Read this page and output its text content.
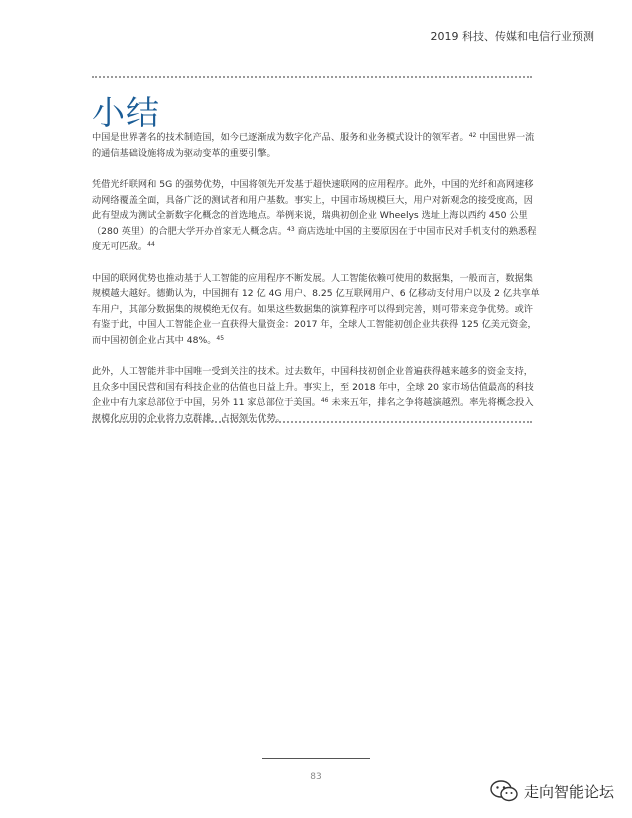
2019 科技、传媒和电信行业预测
小结

中国是世界著名的技术制造国，如今已逐渐成为数字化产品、服务和业务模式设计的领军者。$^{42}$ 中国世界一流的通信基础设施将成为驱动变革的重要引擎。

凭借光纤联网和 5G 的强势优势，中国将领先开发基于超快速联网的应用程序。此外，中国的光纤和高网速移动网络覆盖全面，具备广泛的测试者和用户基数。事实上，中国市场规模巨大，用户对新观念的接受度高，因此有望成为测试全新数字化概念的首选地点。举例来说，瑞典初创企业 Wheelys 选址上海以西约 450 公里（280 英里）的合肥大学开办首家无人概念店。$^{43}$ 商店选址中国的主要原因在于中国市民对手机支付的熟悉程度无可匹敌。$^{44}$

中国的联网优势也推动基于人工智能的应用程序不断发展。人工智能依赖可使用的数据集，一般而言，数据集规模越大越好。德勤认为，中国拥有 12 亿 4G 用户、8.25 亿互联网用户、6 亿移动支付用户以及 2 亿共享单车用户，其部分数据集的规模绝无仅有。如果这些数据集的演算程序可以得到完善，则可带来竞争优势。或许有鉴于此，中国人工智能企业一直获得大量资金：2017 年，全球人工智能初创企业共获得 125 亿美元资金，而中国初创企业占其中 48%。$^{45}$

此外，人工智能并非中国唯一受到关注的技术。过去数年，中国科技初创企业普遍获得越来越多的资金支持，且众多中国民营和国有科技企业的估值也日益上升。事实上，至 2018 年中，全球 20 家市场估值最高的科技企业中有九家总部位于中国，另外 11 家总部位于美国。$^{46}$ 未来五年，排名之争将越演越烈。率先将概念投入规模化应用的企业将力克群雄，占据领先优势。

83
走向智能论坛
